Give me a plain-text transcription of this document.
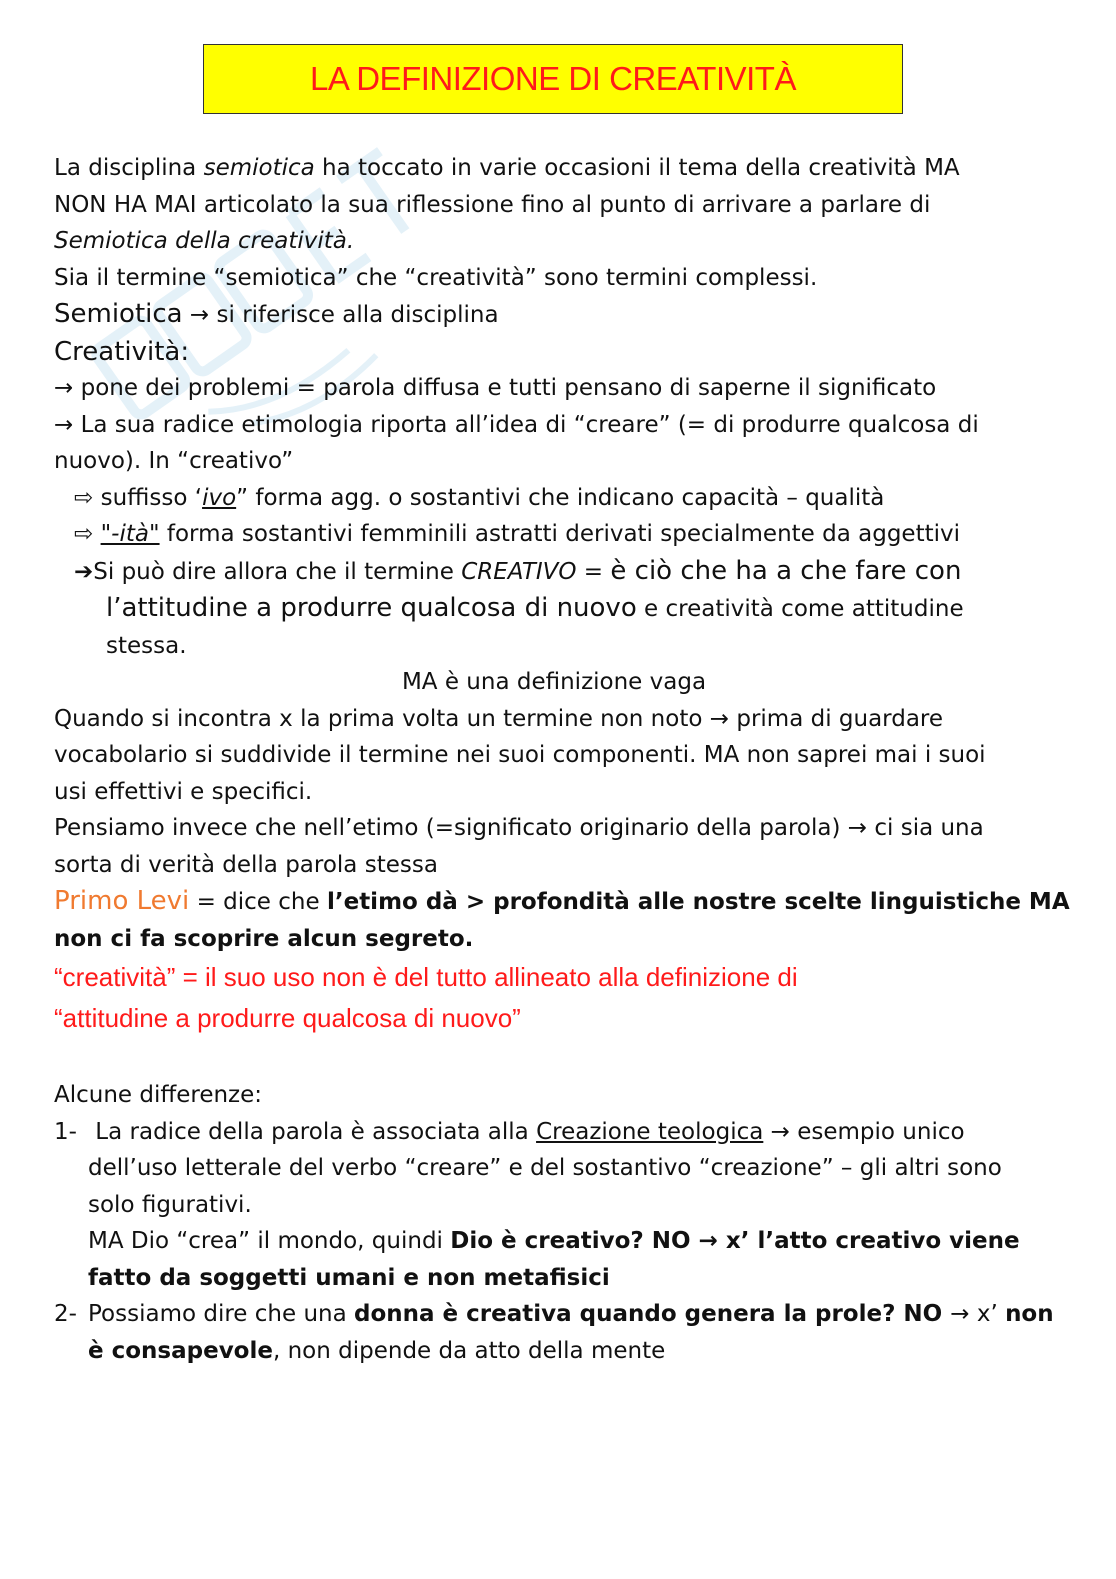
LA DEFINIZIONE DI CREATIVITÀ
La disciplina semiotica ha toccato in varie occasioni il tema della creatività MA
NON HA MAI articolato la sua riflessione fino al punto di arrivare a parlare di
Semiotica della creatività.
Sia il termine “semiotica” che “creatività” sono termini complessi.
Semiotica → si riferisce alla disciplina
Creatività:
→ pone dei problemi = parola diffusa e tutti pensano di saperne il significato
→ La sua radice etimologia riporta all’idea di “creare” (= di produrre qualcosa di
nuovo). In “creativo”
⇨ suffisso ‘ivo” forma agg. o sostantivi che indicano capacità – qualità
⇨ "-ità" forma sostantivi femminili astratti derivati specialmente da aggettivi
➔Si può dire allora che il termine CREATIVO = è ciò che ha a che fare con
l’attitudine a produrre qualcosa di nuovo e creatività come attitudine
stessa.
MA è una definizione vaga
Quando si incontra x la prima volta un termine non noto → prima di guardare
vocabolario si suddivide il termine nei suoi componenti. MA non saprei mai i suoi
usi effettivi e specifici.
Pensiamo invece che nell’etimo (=significato originario della parola) → ci sia una
sorta di verità della parola stessa
Primo Levi = dice che l’etimo dà > profondità alle nostre scelte linguistiche MA
non ci fa scoprire alcun segreto.
“creatività” = il suo uso non è del tutto allineato alla definizione di
“attitudine a produrre qualcosa di nuovo”
Alcune differenze:
1- La radice della parola è associata alla Creazione teologica → esempio unico
dell’uso letterale del verbo “creare” e del sostantivo “creazione” – gli altri sono
solo figurativi.
MA Dio “crea” il mondo, quindi Dio è creativo? NO → x’ l’atto creativo viene
fatto da soggetti umani e non metafisici
2- Possiamo dire che una donna è creativa quando genera la prole? NO → x’ non
è consapevole, non dipende da atto della mente
